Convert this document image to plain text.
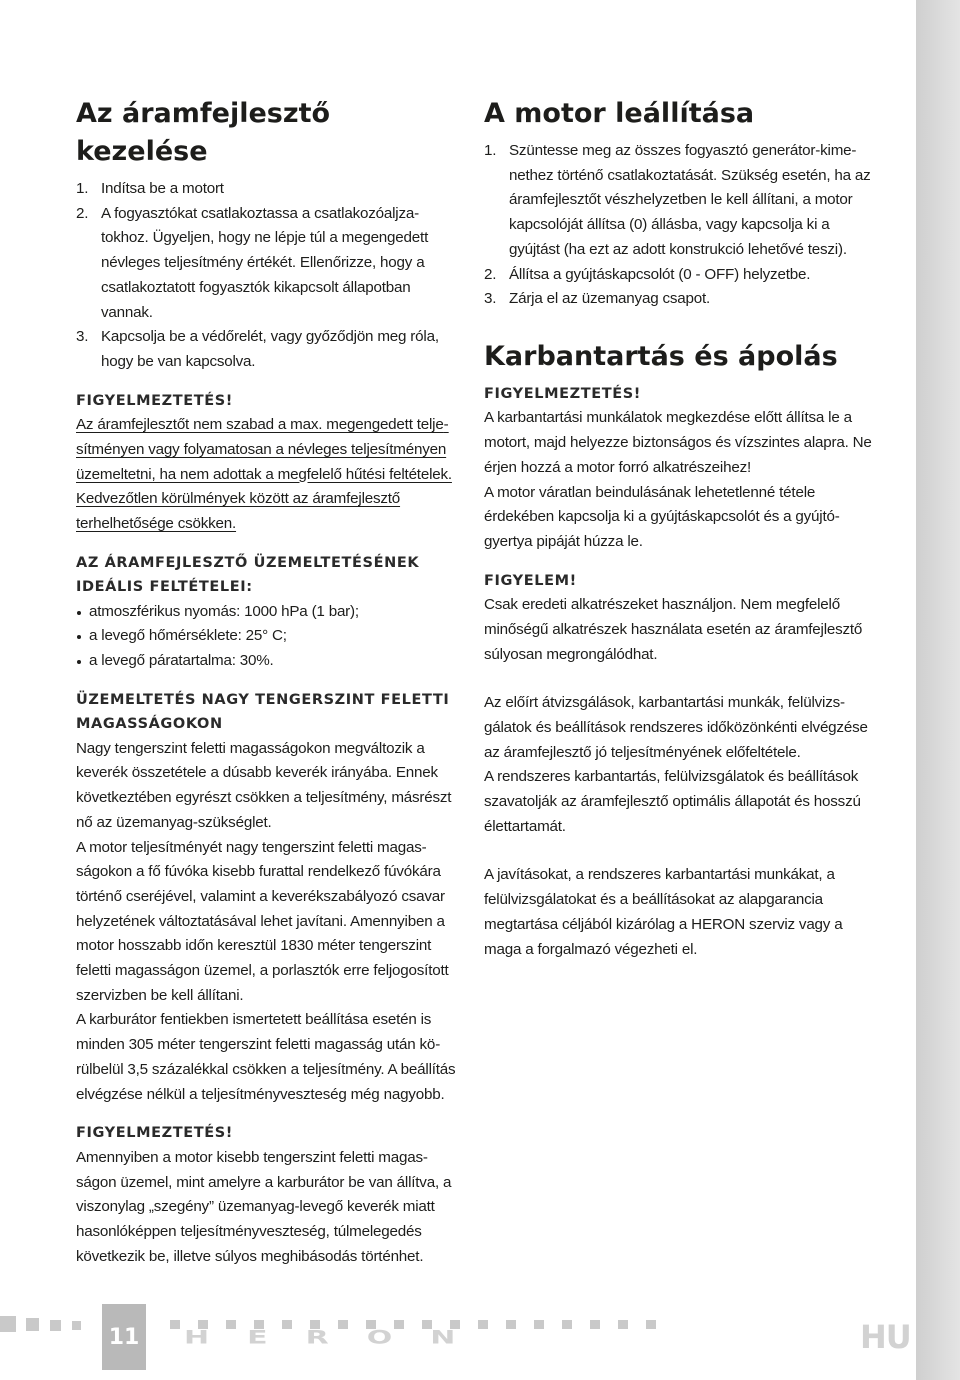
Az áramfejlesztő kezelése
1. Indítsa be a motort
2. A fogyasztókat csatlakoztassa a csatlakozóaljzatokhoz. Ügyeljen, hogy ne lépje túl a megengedett névleges teljesítmény értékét. Ellenőrizze, hogy a csatlakoztatott fogyasztók kikapcsolt állapotban vannak.
3. Kapcsolja be a védőrelét, vagy győződjön meg róla, hogy be van kapcsolva.

FIGYELMEZTETÉS!

Az áramfejlesztőt nem szabad a max. megengedett teljesítményen vagy folyamatosan a névleges teljesítményen üzemeltetni, ha nem adottak a megfelelő hűtési feltételek. Kedvezőtlen körülmények között az áramfejlesztő terhelhetősége csökken.

AZ ÁRAMFEJLESZTŐ ÜZEMELTETÉSÉNEK IDEÁLIS FELTÉTELEI:

atmoszférikus nyomás: 1000 hPa (1 bar);
a levegő hőmérséklete: 25° C;
a levegő páratartalma: 30%.

ÜZEMELTETÉS NAGY TENGERSZINT FELETTI MAGASSÁGOKON

Nagy tengerszint feletti magasságokon megváltozik a keverék összetétele a dúsabb keverék irányába. Ennek következtében egyrészt csökken a teljesítmény, másrészt nő az üzemanyag-szükséglet.

A motor teljesítményét nagy tengerszint feletti magasságokon a fő fúvóka kisebb furattal rendelkező fúvókára történő cseréjével, valamint a keverékszabályozó csavar helyzetének változtatásával lehet javítani. Amennyiben a motor hosszabb időn keresztül 1830 méter tengerszint feletti magasságon üzemel, a porlasztók erre feljogosított szervizben be kell állítani.

A karburátor fentiekben ismertetett beállítása esetén is minden 305 méter tengerszint feletti magasság után körülbelül 3,5 százalékkal csökken a teljesítmény. A beállítás elvégzése nélkül a teljesítményveszteség még nagyobb.

FIGYELMEZTETÉS!

Amennyiben a motor kisebb tengerszint feletti magasságon üzemel, mint amelyre a karburátor be van állítva, a viszonylag „szegény” üzemanyag-levegő keverék miatt hasonlóképpen teljesítményveszteség, túlmelegedés következik be, illetve súlyos meghibásodás történhet.

A motor leállítása
1. Szüntesse meg az összes fogyasztó generátor-kimenethez történő csatlakoztatását. Szükség esetén, ha az áramfejlesztőt vészhelyzetben le kell állítani, a motor kapcsolóját állítsa (0) állásba, vagy kapcsolja ki a gyújtást (ha ezt az adott konstrukció lehetővé teszi).
2. Állítsa a gyújtáskapcsolót (0 - OFF) helyzetbe.
3. Zárja el az üzemanyag csapot.
Karbantartás és ápolás

FIGYELMEZTETÉS!

A karbantartási munkálatok megkezdése előtt állítsa le a motort, majd helyezze biztonságos és vízszintes alapra. Ne érjen hozzá a motor forró alkatrészeihez!

A motor váratlan beindulásának lehetetlenné tétele érdekében kapcsolja ki a gyújtáskapcsolót és a gyújtógyertya pipáját húzza le.

FIGYELEM!

Csak eredeti alkatrészeket használjon. Nem megfelelő minőségű alkatrészek használata esetén az áramfejlesztő súlyosan megrongálódhat.

Az előírt átvizsgálások, karbantartási munkák, felülvizsgálatok és beállítások rendszeres időközönkénti elvégzése az áramfejlesztő jó teljesítményének előfeltétele.

A rendszeres karbantartás, felülvizsgálatok és beállítások szavatolják az áramfejlesztő optimális állapotát és hosszú élettartamát.

A javításokat, a rendszeres karbantartási munkákat, a felülvizsgálatokat és a beállításokat az alapgarancia megtartása céljából kizárólag a HERON szerviz vagy a maga a forgalmazó végezheti el.

11 HERON	HU
